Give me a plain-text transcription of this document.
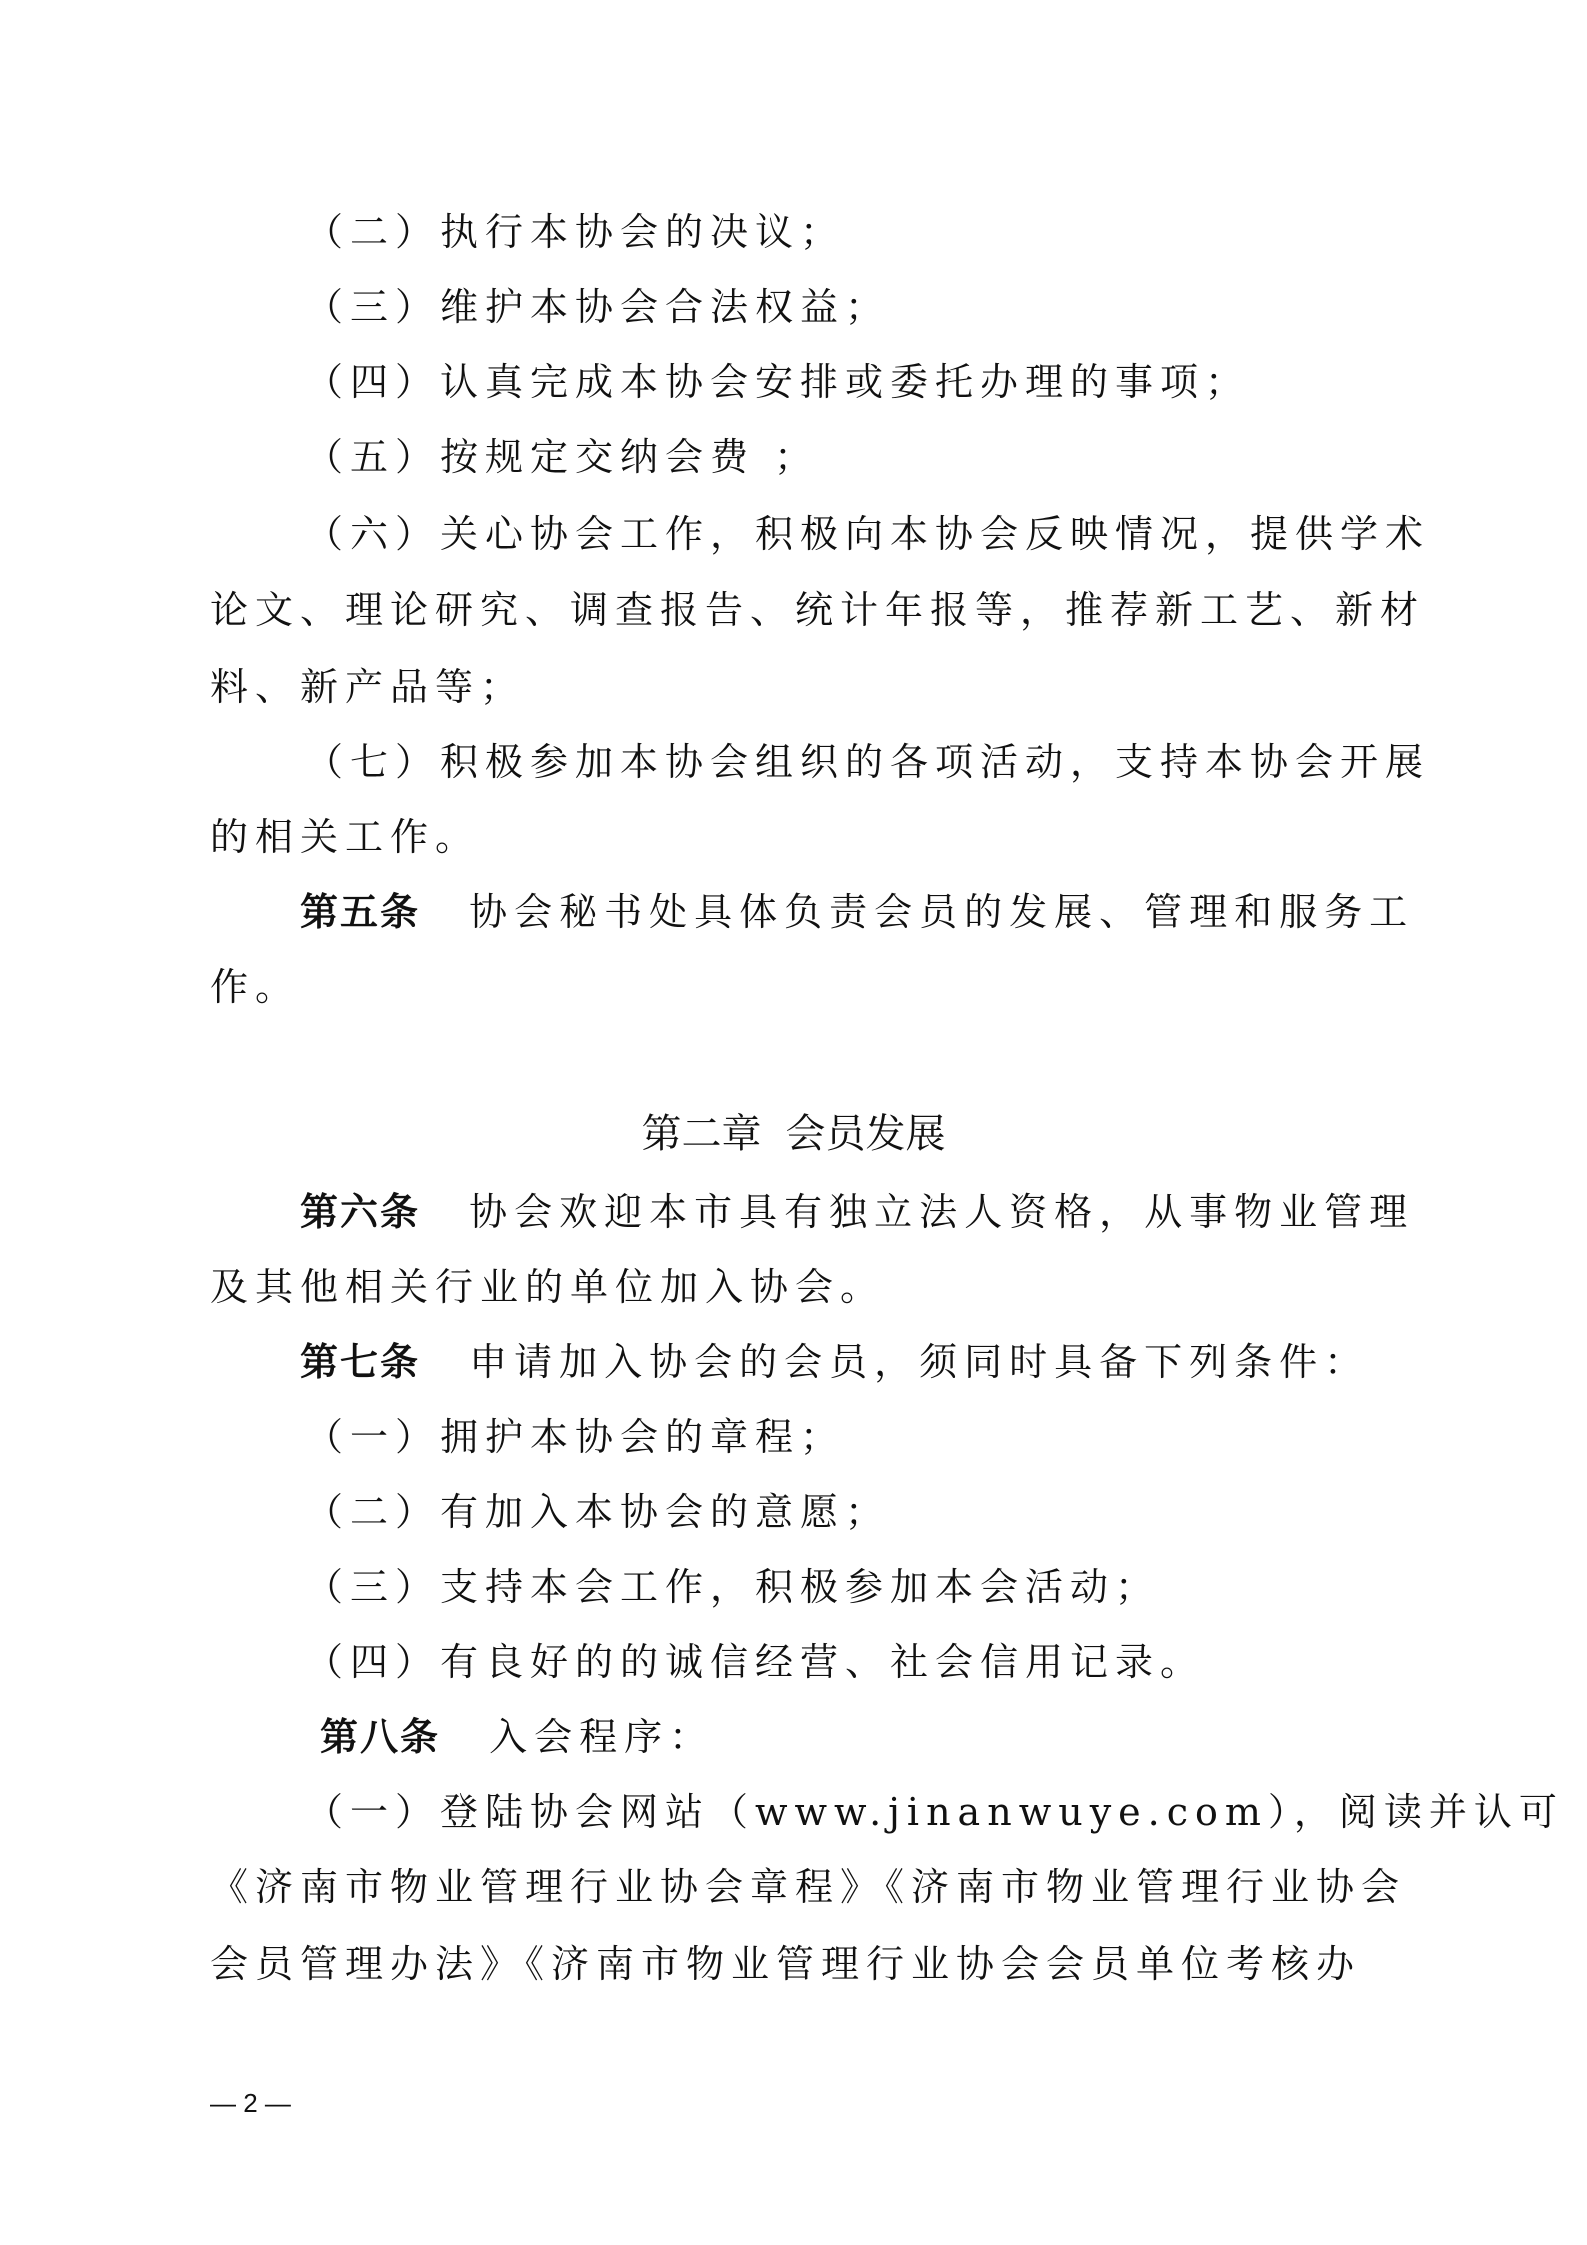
（二）执行本协会的决议；
（三）维护本协会合法权益；
（四）认真完成本协会安排或委托办理的事项；
（五）按规定交纳会费 ；
（六）关心协会工作，积极向本协会反映情况，提供学术
论文、理论研究、调查报告、统计年报等，推荐新工艺、新材
料、新产品等；
（七）积极参加本协会组织的各项活动，支持本协会开展
的相关工作。
第五条 协会秘书处具体负责会员的发展、管理和服务工
作。
第二章 会员发展
第六条 协会欢迎本市具有独立法人资格，从事物业管理
及其他相关行业的单位加入协会。
第七条 申请加入协会的会员，须同时具备下列条件：
（一）拥护本协会的章程；
（二）有加入本协会的意愿；
（三）支持本会工作，积极参加本会活动；
（四）有良好的的诚信经营、社会信用记录。
第八条 入会程序：
（一）登陆协会网站（www.jinanwuye.com），阅读并认可
《济南市物业管理行业协会章程》《济南市物业管理行业协会
会员管理办法》《济南市物业管理行业协会会员单位考核办
— 2 —
